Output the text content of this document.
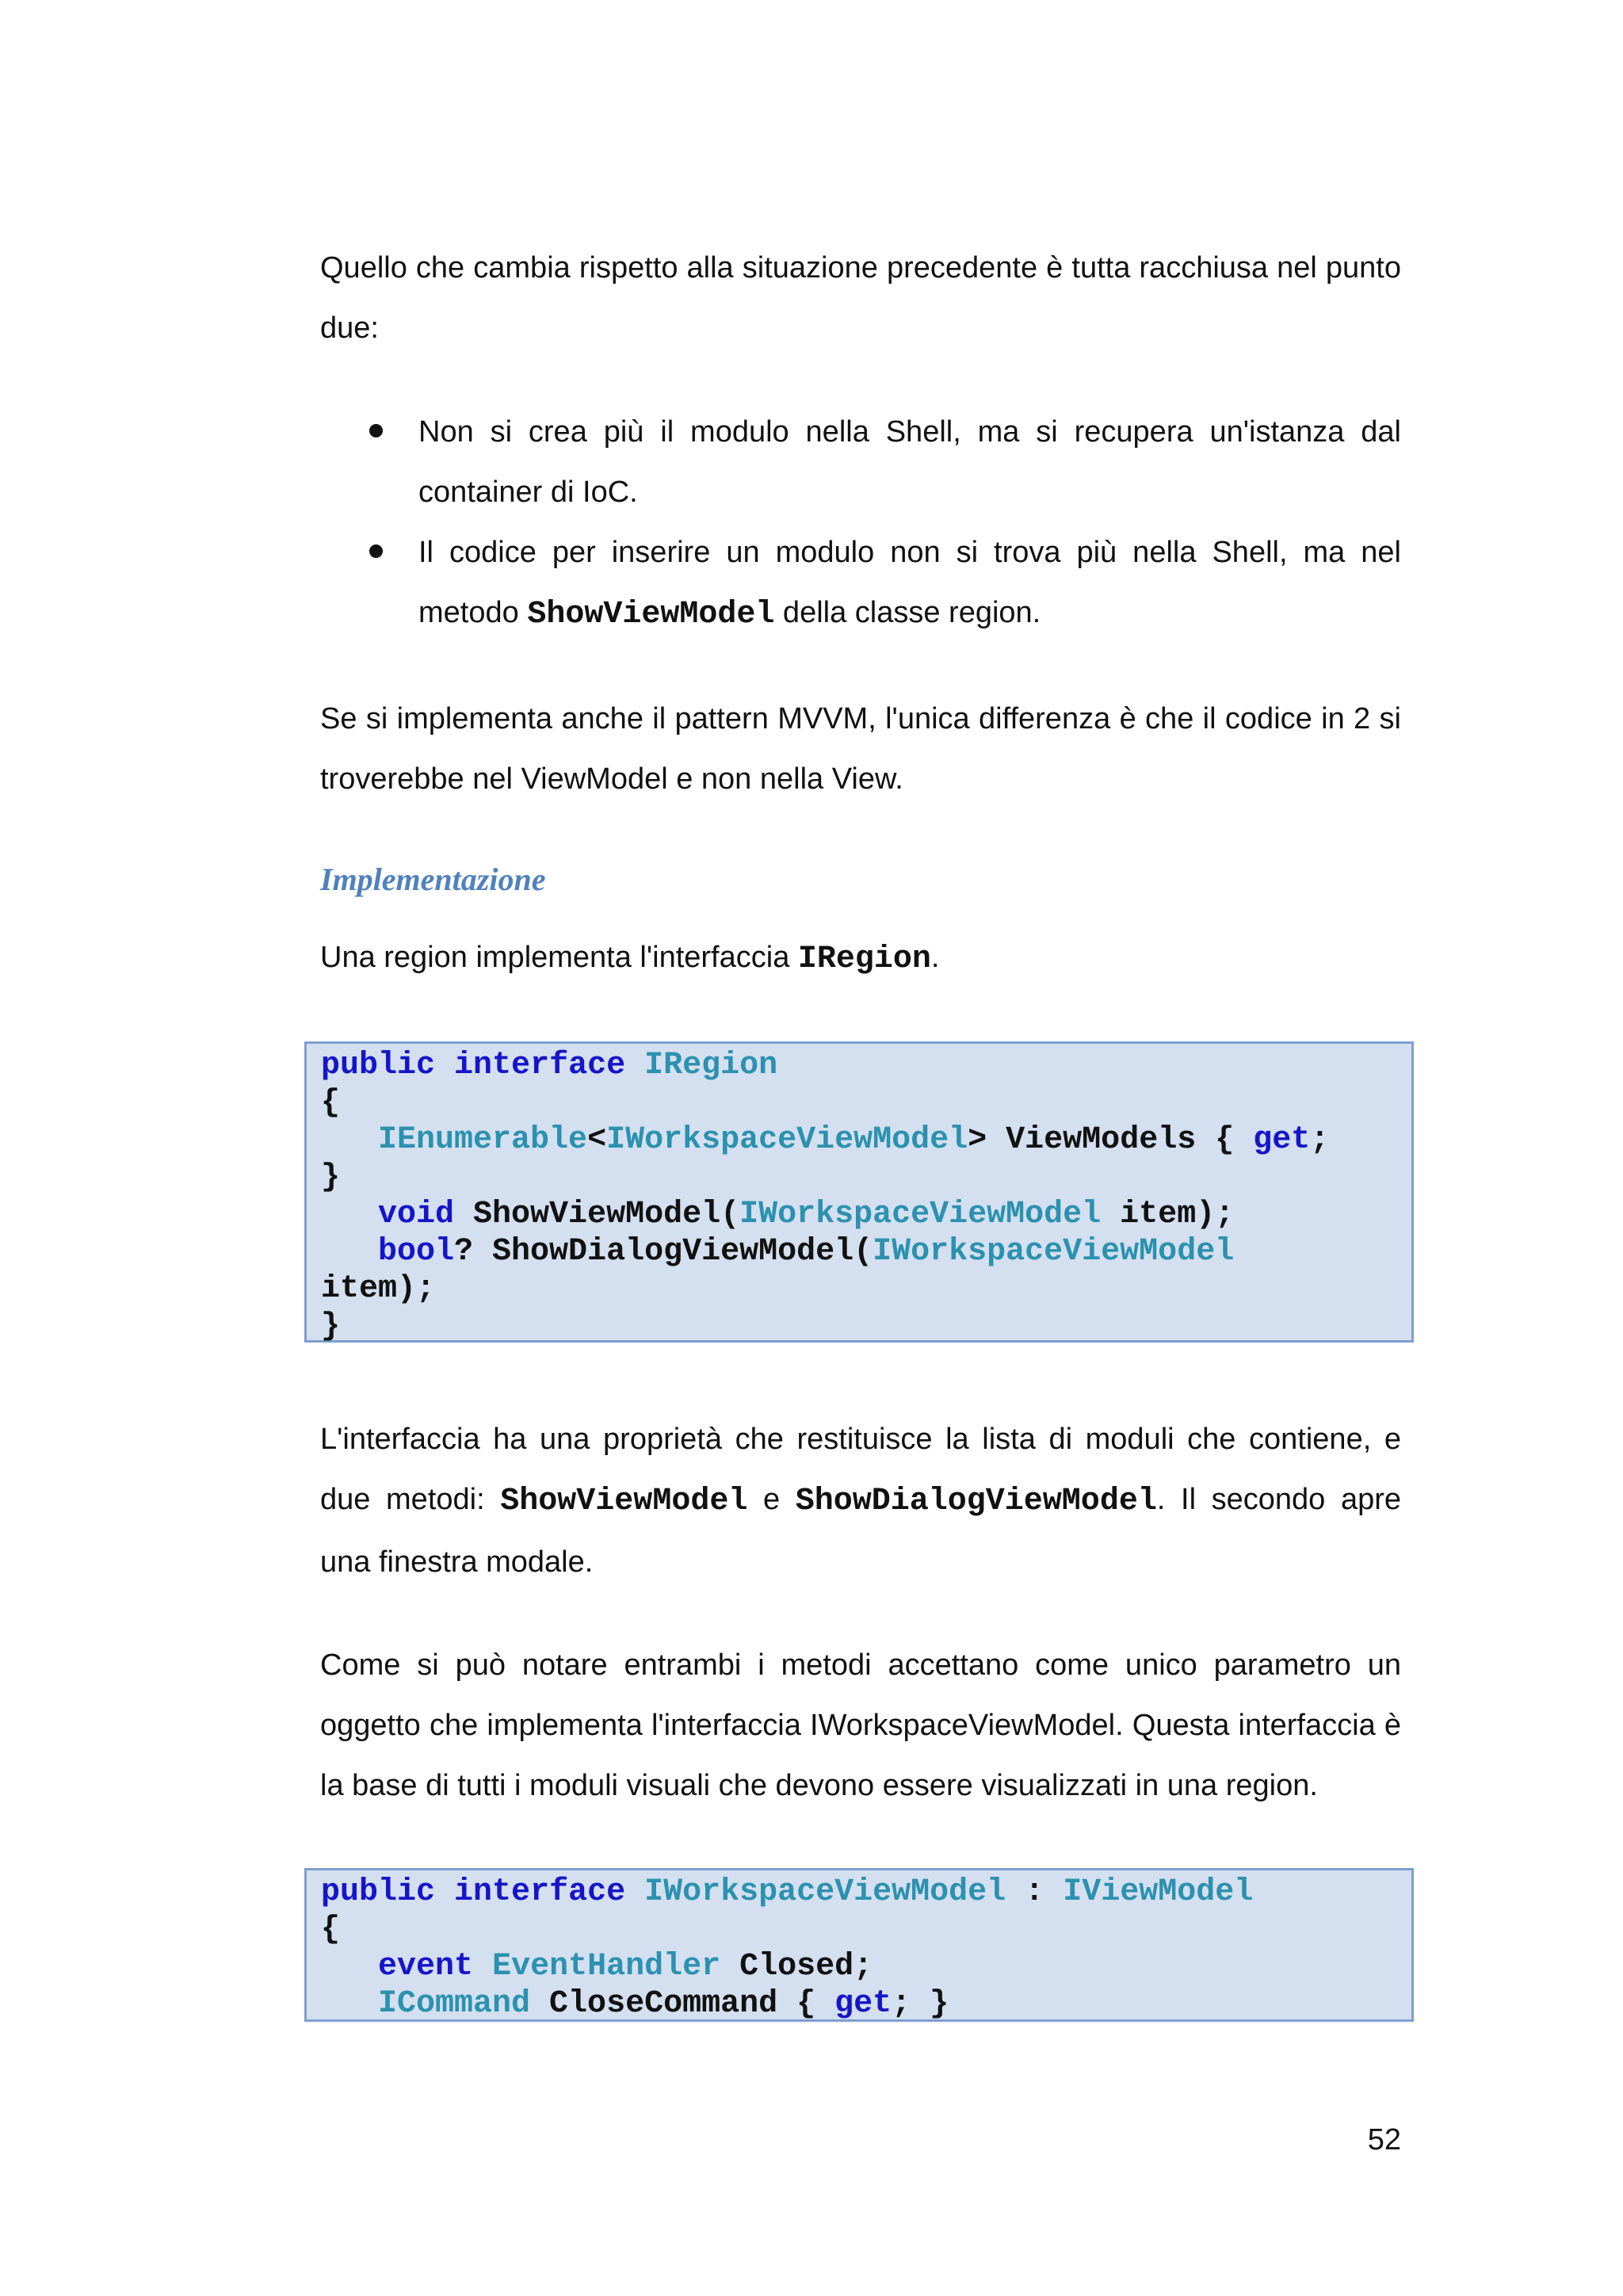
Quello che cambia rispetto alla situazione precedente è tutta racchiusa nel punto due:

Non si crea più il modulo nella Shell, ma si recupera un'istanza dal container di IoC.
Il codice per inserire un modulo non si trova più nella Shell, ma nel metodo ShowViewModel della classe region.

Se si implementa anche il pattern MVVM, l'unica differenza è che il codice in 2 si troverebbe nel ViewModel e non nella View.

Implementazione

Una region implementa l'interfaccia IRegion.

public interface IRegion
{
IEnumerable<IWorkspaceViewModel> ViewModels { get;
}
void ShowViewModel(IWorkspaceViewModel item);
bool? ShowDialogViewModel(IWorkspaceViewModel
item);
}

L'interfaccia ha una proprietà che restituisce la lista di moduli che contiene, e due metodi: ShowViewModel e ShowDialogViewModel. Il secondo apre una finestra modale.

Come si può notare entrambi i metodi accettano come unico parametro un oggetto che implementa l'interfaccia IWorkspaceViewModel. Questa interfaccia è la base di tutti i moduli visuali che devono essere visualizzati in una region.

public interface IWorkspaceViewModel : IViewModel
{
event EventHandler Closed;
ICommand CloseCommand { get; }

52
